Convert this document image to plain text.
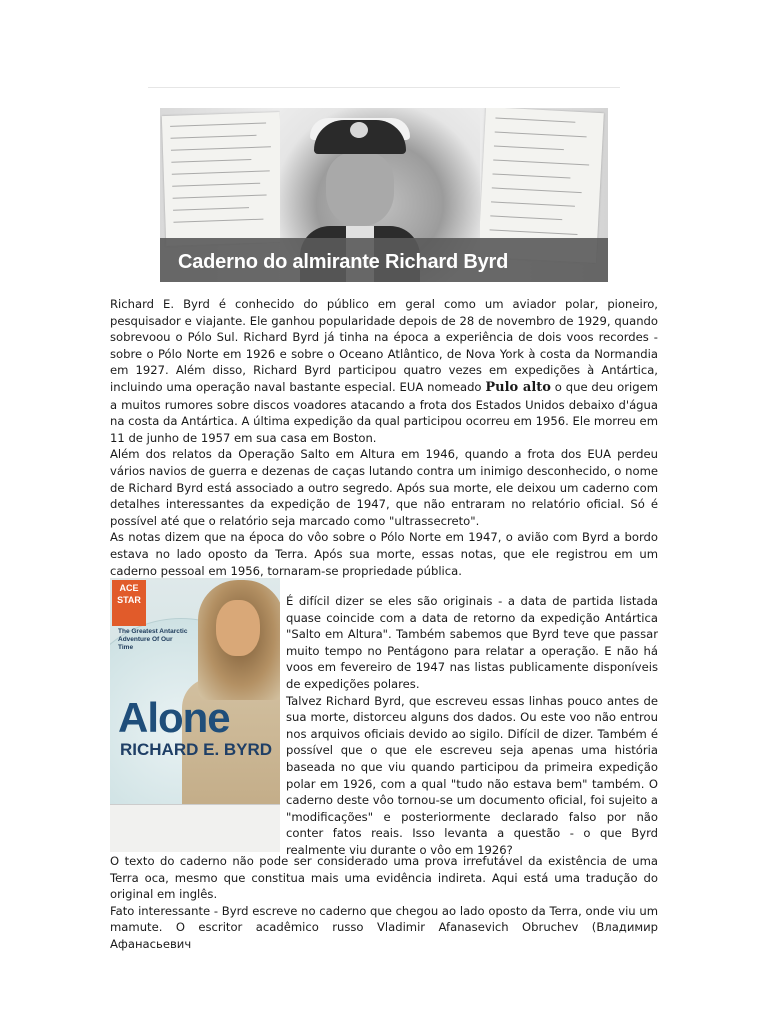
Caderno do almirante Richard Byrd

Richard E. Byrd é conhecido do público em geral como um aviador polar, pioneiro, pesquisador e viajante. Ele ganhou popularidade depois de 28 de novembro de 1929, quando sobrevoou o Pólo Sul. Richard Byrd já tinha na época a experiência de dois voos recordes - sobre o Pólo Norte em 1926 e sobre o Oceano Atlântico, de Nova York à costa da Normandia em 1927. Além disso, Richard Byrd participou quatro vezes em expedições à Antártica, incluindo uma operação naval bastante especial. EUA nomeado Pulo alto o que deu origem a muitos rumores sobre discos voadores atacando a frota dos Estados Unidos debaixo d'água na costa da Antártica. A última expedição da qual participou ocorreu em 1956. Ele morreu em 11 de junho de 1957 em sua casa em Boston.

Além dos relatos da Operação Salto em Altura em 1946, quando a frota dos EUA perdeu vários navios de guerra e dezenas de caças lutando contra um inimigo desconhecido, o nome de Richard Byrd está associado a outro segredo. Após sua morte, ele deixou um caderno com detalhes interessantes da expedição de 1947, que não entraram no relatório oficial. Só é possível até que o relatório seja marcado como "ultrassecreto".

As notas dizem que na época do vôo sobre o Pólo Norte em 1947, o avião com Byrd a bordo estava no lado oposto da Terra. Após sua morte, essas notas, que ele registrou em um caderno pessoal em 1956, tornaram-se propriedade pública.

ACE STAR
The Greatest Antarctic Adventure Of Our Time
Alone
RICHARD E. BYRD

É difícil dizer se eles são originais - a data de partida listada quase coincide com a data de retorno da expedição Antártica "Salto em Altura". Também sabemos que Byrd teve que passar muito tempo no Pentágono para relatar a operação. E não há voos em fevereiro de 1947 nas listas publicamente disponíveis de expedições polares.

Talvez Richard Byrd, que escreveu essas linhas pouco antes de sua morte, distorceu alguns dos dados. Ou este voo não entrou nos arquivos oficiais devido ao sigilo. Difícil de dizer. Também é possível que o que ele escreveu seja apenas uma história baseada no que viu quando participou da primeira expedição polar em 1926, com a qual "tudo não estava bem" também. O caderno deste vôo tornou-se um documento oficial, foi sujeito a "modificações" e posteriormente declarado falso por não conter fatos reais. Isso levanta a questão - o que Byrd realmente viu durante o vôo em 1926?

O texto do caderno não pode ser considerado uma prova irrefutável da existência de uma Terra oca, mesmo que constitua mais uma evidência indireta. Aqui está uma tradução do original em inglês.

Fato interessante - Byrd escreve no caderno que chegou ao lado oposto da Terra, onde viu um mamute. O escritor acadêmico russo Vladimir Afanasevich Obruchev (Владимир Афанасьевич
